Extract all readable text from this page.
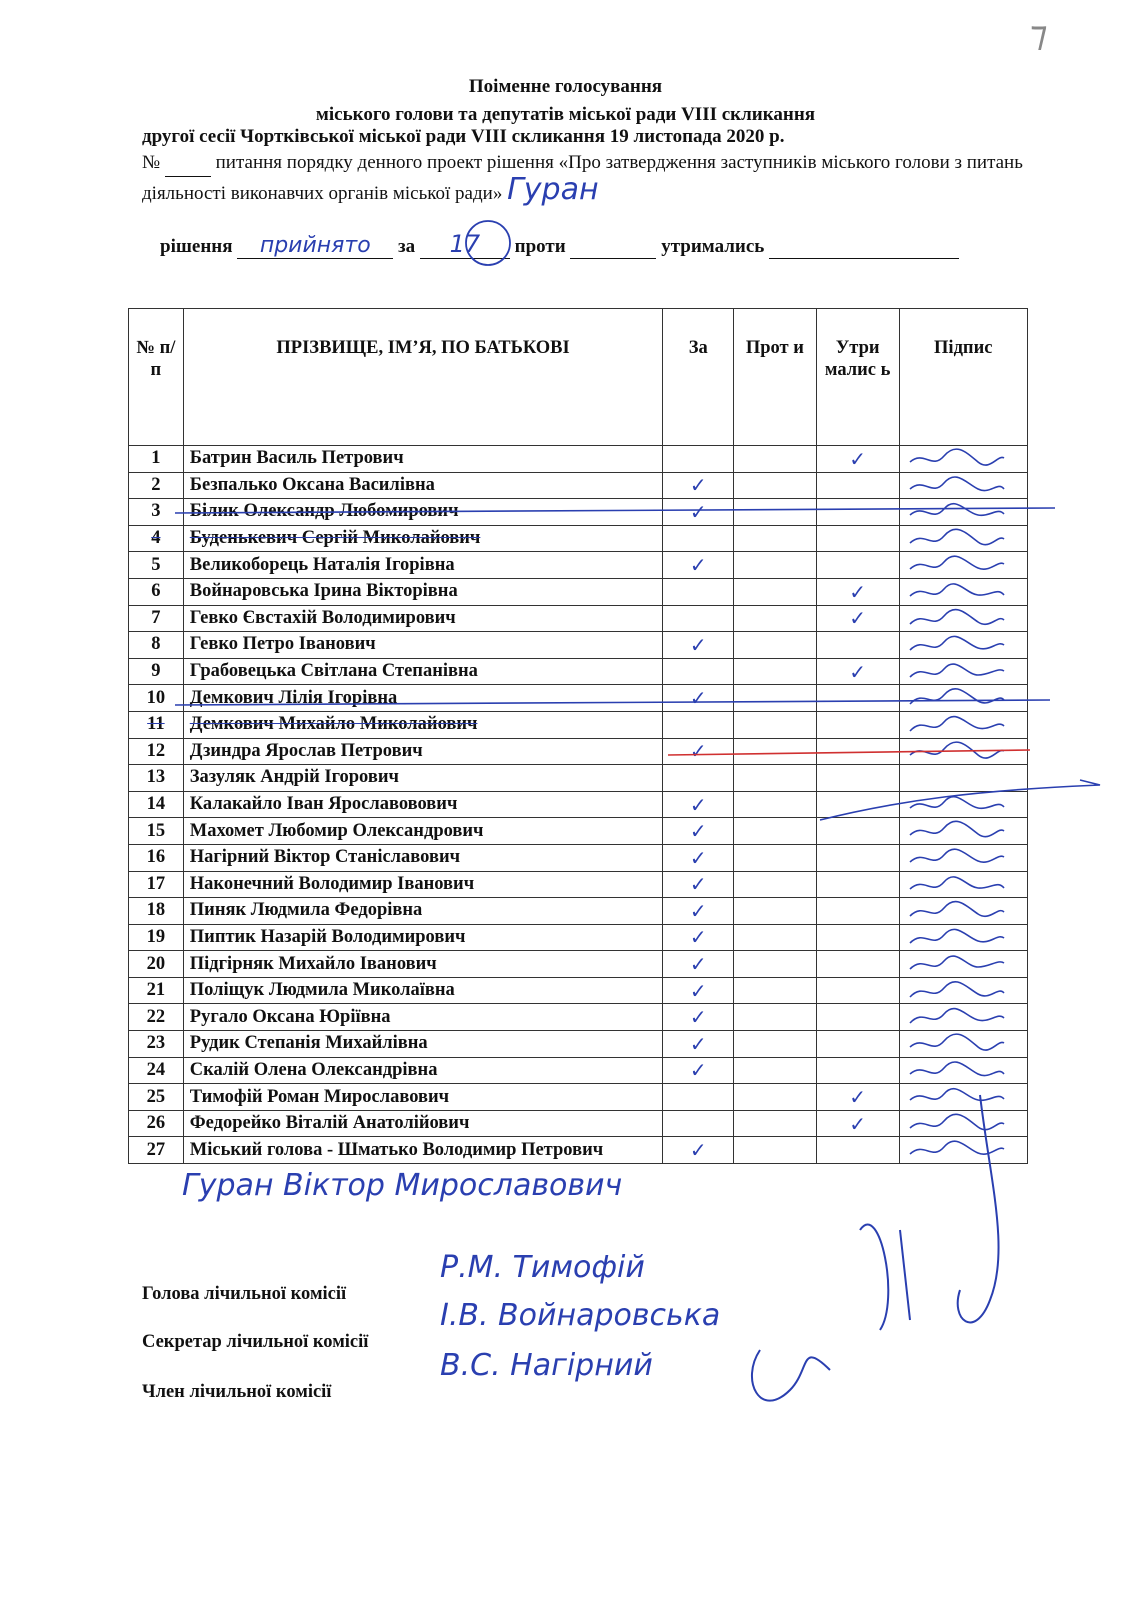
⁊
Поіменне голосування
міського голови та депутатів міської ради VIII скликання
другої сесії Чортківської міської ради VIII скликання 19 листопада 2020 р.
№	питання порядку денного проект рішення «Про затвердження заступників міського голови з питань діяльності виконавчих органів міської ради» Гуран
рішення прийнято за 17 проти	утримались
№ п/п	ПРІЗВИЩЕ, ІМ’Я, ПО БАТЬКОВІ	За	Прот и	Утри малис ь	Підпис
1	Батрин Василь Петрович			✓	

2	Безпалько Оксана Василівна	✓			

3	Білик Олександр Любомирович	✓			

4	Буденькевич Сергій Миколайович				

5	Великоборець Наталія Ігорівна	✓			

6	Войнаровська Ірина Вікторівна			✓	

7	Гевко Євстахій Володимирович			✓	

8	Гевко Петро Іванович	✓			

9	Грабовецька Світлана Степанівна			✓	

10	Демкович Лілія Ігорівна	✓			

11	Демкович Михайло Миколайович				

12	Дзиндра Ярослав Петрович	✓			

13	Зазуляк Андрій Ігорович				
14	Калакайло Іван Ярославовович	✓			

15	Махомет Любомир Олександрович	✓			

16	Нагірний Віктор Станіславович	✓			

17	Наконечний Володимир Іванович	✓			

18	Пиняк Людмила Федорівна	✓			

19	Пиптик Назарій Володимирович	✓			

20	Підгірняк Михайло Іванович	✓			

21	Поліщук Людмила Миколаївна	✓			

22	Ругало Оксана Юріївна	✓			

23	Рудик Степанія Михайлівна	✓			

24	Скалій Олена Олександрівна	✓			

25	Тимофій Роман Мирославович			✓	

26	Федорейко Віталій Анатолійович			✓	

27	Міський голова - Шматько Володимир Петрович	✓			
Гуран Віктор Мирославович
Голова лічильної комісії
Р.М. Тимофій
Секретар лічильної комісії
І.В. Войнаровська
Член лічильної комісії
В.С. Нагірний
